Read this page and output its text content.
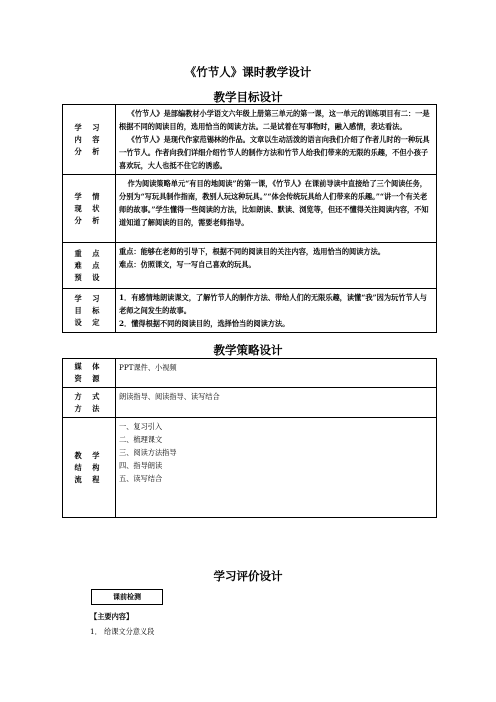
《竹节人》课时教学设计
教学目标设计
学 习 内 容 分 析	《竹节人》是部编教材小学语文六年级上册第三单元的第一课，这一单元的训练项目有二：一是根据不同的阅读目的，选用恰当的阅读方法。二是试着在写事物时，融入感情，表达看法。

《竹节人》是现代作家范锡林的作品。文章以生动活泼的语言向我们介绍了作者儿时的一种玩具一竹节人。作者向我们详细介绍竹节人的制作方法和竹节人给我们带来的无限的乐趣，不但小孩子喜欢玩，大人也抵不住它的诱惑。

学 情 现 状 分 析	作为阅读策略单元“有目的地阅读”的第一课，《竹节人》在课前导读中直接给了三个阅读任务，分别为“写玩具制作指南，教别人玩这种玩具。”“体会传统玩具给人们带来的乐趣。”“讲一个有关老师的故事。”学生懂得一些阅读的方法，比如朗读、默读、浏览等，但还不懂得关注阅读内容，不知道知道了解阅读的目的，需要老师指导。

重 点 难 点 预 设	重点：能够在老师的引导下，根据不同的阅读目的关注内容，选用恰当的阅读方法。

难点：仿照课文，写一写自己喜欢的玩具。

学 习 目 标 设 定	1．有感情地朗读课文，了解竹节人的制作方法、带给人们的无限乐趣，读懂“我”因为玩竹节人与老师之间发生的故事。

2．懂得根据不同的阅读目的，选择恰当的阅读方法。

教学策略设计
媒 体 资 源	PPT课件、小视频

方 式 方 法	朗读指导、阅读指导、读写结合

教 学 结 构 流 程	一、复习引入

二、梳理课文

三、阅读方法指导

四、指导朗读

五、读写结合

学习评价设计
课前检测
【主要内容】
1． 给课文分意义段
